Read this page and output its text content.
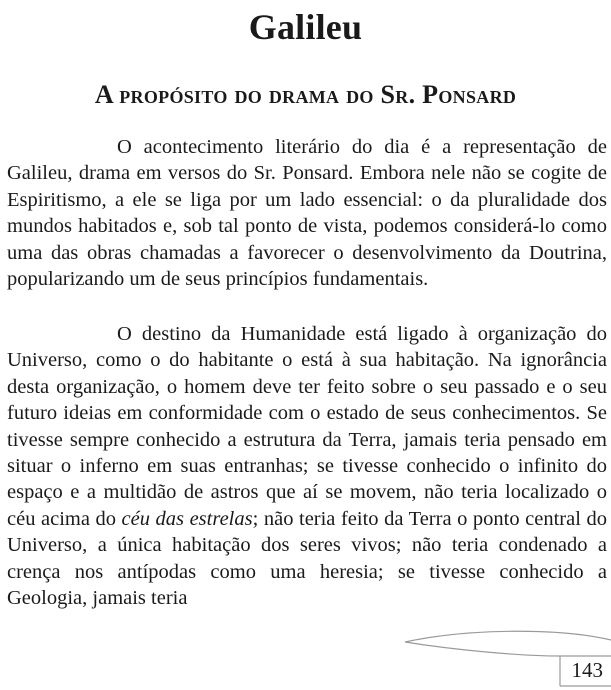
Galileu
A propósito do drama do Sr. Ponsard

O acontecimento literário do dia é a representação de Galileu, drama em versos do Sr. Ponsard. Embora nele não se cogite de Espiritismo, a ele se liga por um lado essencial: o da pluralidade dos mundos habitados e, sob tal ponto de vista, podemos considerá-lo como uma das obras chamadas a favorecer o desenvolvimento da Doutrina, popularizando um de seus princípios fundamentais.

O destino da Humanidade está ligado à organização do Universo, como o do habitante o está à sua habitação. Na ignorância desta organização, o homem deve ter feito sobre o seu passado e o seu futuro ideias em conformidade com o estado de seus conhecimentos. Se tivesse sempre conhecido a estrutura da Terra, jamais teria pensado em situar o inferno em suas entranhas; se tivesse conhecido o infinito do espaço e a multidão de astros que aí se movem, não teria localizado o céu acima do céu das estrelas; não teria feito da Terra o ponto central do Universo, a única habitação dos seres vivos; não teria condenado a crença nos antípodas como uma heresia; se tivesse conhecido a Geologia, jamais teria

143
